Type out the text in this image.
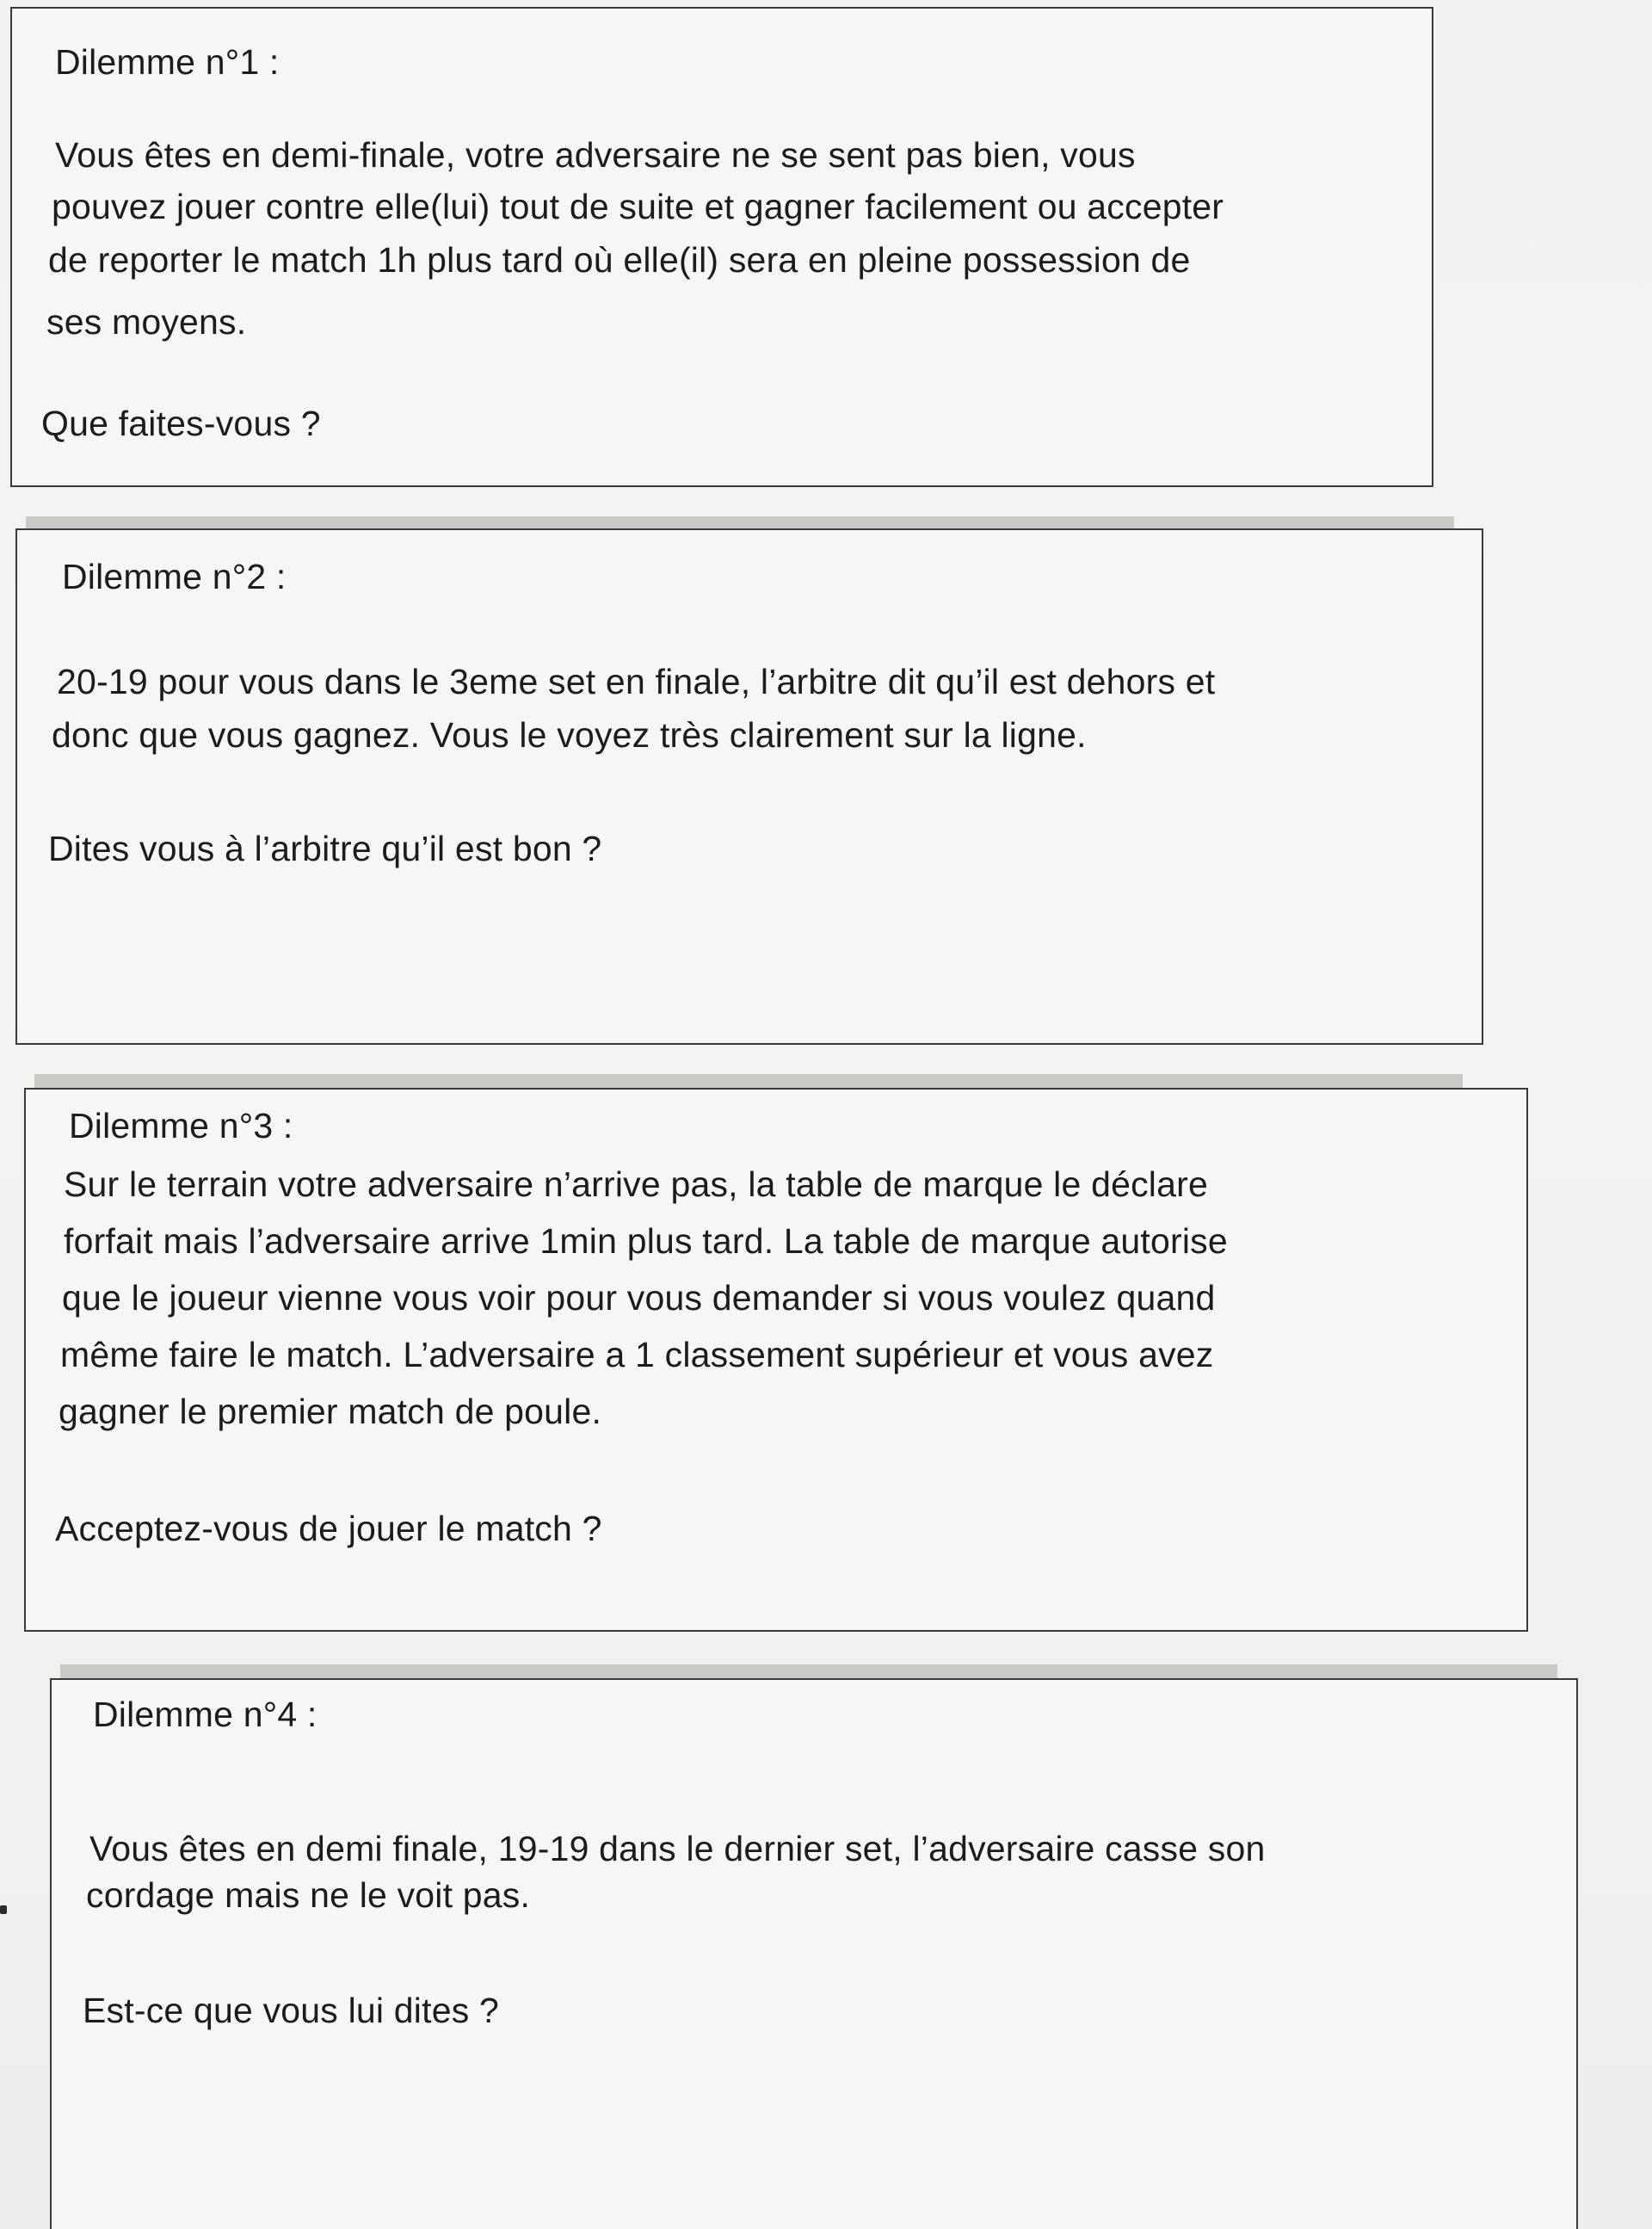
Dilemme n°1 :
Vous êtes en demi-finale, votre adversaire ne se sent pas bien, vous
pouvez jouer contre elle(lui) tout de suite et gagner facilement ou accepter
de reporter le match 1h plus tard où elle(il) sera en pleine possession de
ses moyens.
Que faites-vous ?
Dilemme n°2 :
20-19 pour vous dans le 3eme set en finale, l’arbitre dit qu’il est dehors et
donc que vous gagnez. Vous le voyez très clairement sur la ligne.
Dites vous à l’arbitre qu’il est bon ?
Dilemme n°3 :
Sur le terrain votre adversaire n’arrive pas, la table de marque le déclare
forfait mais l’adversaire arrive 1min plus tard. La table de marque autorise
que le joueur vienne vous voir pour vous demander si vous voulez quand
même faire le match. L’adversaire a 1 classement supérieur et vous avez
gagner le premier match de poule.
Acceptez-vous de jouer le match ?
Dilemme n°4 :
Vous êtes en demi finale, 19-19 dans le dernier set, l’adversaire casse son
cordage mais ne le voit pas.
Est-ce que vous lui dites ?
